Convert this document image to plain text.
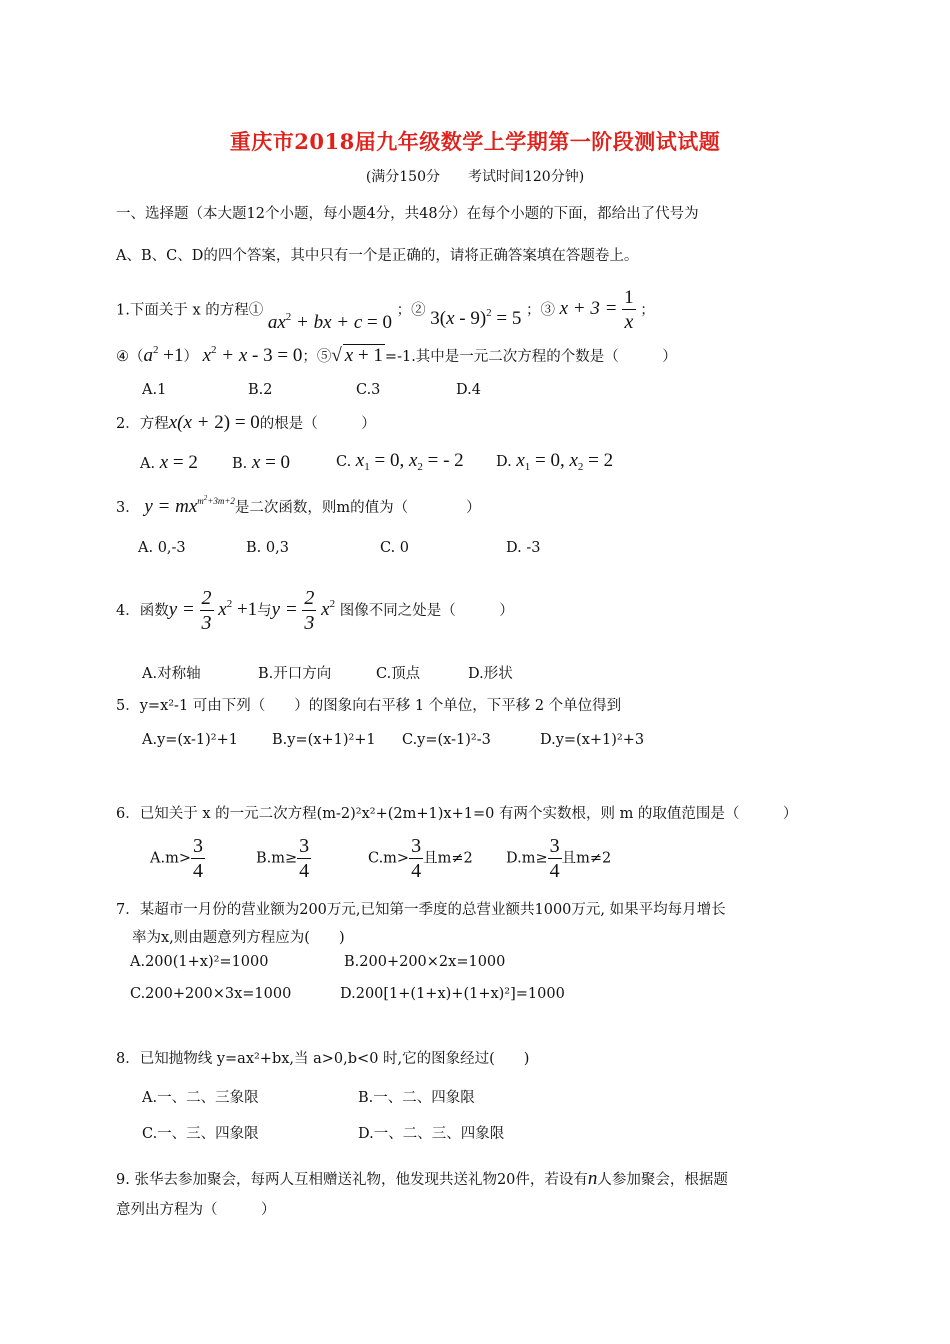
重庆市2018届九年级数学上学期第一阶段测试试题
(满分150分　　考试时间120分钟)
一、选择题（本大题12个小题，每小题4分，共48分）在每个小题的下面，都给出了代号为
A、B、C、D的四个答案，其中只有一个是正确的，请将正确答案填在答题卷上。
1.下面关于 x 的方程① $ax^2$ + bx + c = 0 ；② 3(x - 9)$^2$ = 5 ；③ $x + 3 = \frac{1}{x}$ ；
$④(a^2 +1) x^2 + x - 3 = 0$；⑤√ x + 1 =-1.其中是一元二次方程的个数是（　　　）
A.1	B.2	C.3	D.4
2．方程x(x + 2) = 0的根是（　　　）
A. x = 2 B. x = 0	C. $x_1 = 0$, $x_2$ = - 2 D. $x_1 = 0$, $x_2 = 2$
3． $y = mx^{m^2+3m+2}$是二次函数，则m的值为（　　　　）
A. 0,-3	B. 0,3	C. 0	D. -3
4．函数$y = \frac{2}{3} x^2 +1$与$y = \frac{2}{3} x^2$ 图像不同之处是（　　　）
A.对称轴	B.开口方向	C.顶点	D.形状
5．y=x²-1 可由下列（　　）的图象向右平移 1 个单位，下平移 2 个单位得到
A.y=(x-1)²+1 B.y=(x+1)²+1 C.y=(x-1)²-3	D.y=(x+1)²+3
6．已知关于 x 的一元二次方程(m-2)²x²+(2m+1)x+1=0 有两个实数根，则 m 的取值范围是（　　　）
$A.m> \frac{3}{4}$	$B.m\ge \frac{3}{4}$	$C.m> \frac{3}{4}$ 且m≠2 $D.m\ge \frac{3}{4}$ 且m≠2
7．某超市一月份的营业额为200万元,已知第一季度的总营业额共1000万元, 如果平均每月增长
率为x,则由题意列方程应为(　　)
A.200(1+x)²=1000	B.200+200×2x=1000
C.200+200×3x=1000	D.200[1+(1+x)+(1+x)²]=1000
8．已知抛物线 y=ax²+bx,当 a>0,b<0 时,它的图象经过(　　)
A.一、二、三象限	B.一、二、四象限
C.一、三、四象限	D.一、二、三、四象限
9. 张华去参加聚会，每两人互相赠送礼物，他发现共送礼物20件，若设有n人参加聚会，根据题
意列出方程为（　　　）
